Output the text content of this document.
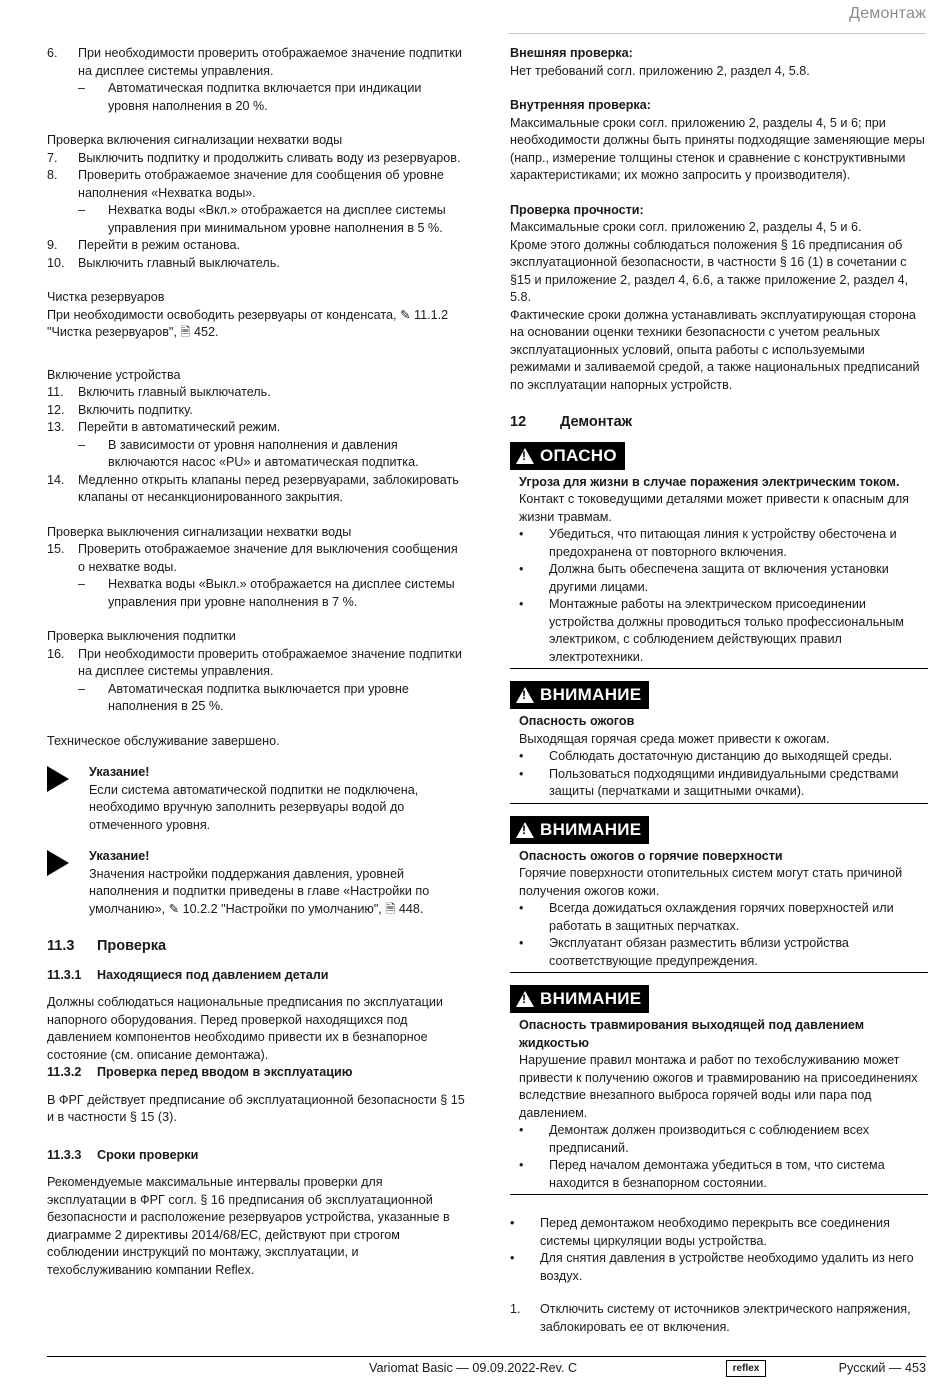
Демонтаж
6.	При необходимости проверить отображаемое значение подпитки на дисплее системы управления.
–	Автоматическая подпитка включается при индикации уровня наполнения в 20 %.

Проверка включения сигнализации нехватки воды

7.	Выключить подпитку и продолжить сливать воду из резервуаров.
8.	Проверить отображаемое значение для сообщения об уровне наполнения «Нехватка воды».
–	Нехватка воды «Вкл.» отображается на дисплее системы управления при минимальном уровне наполнения в 5 %.
9.	Перейти в режим останова.
10.	Выключить главный выключатель.

Чистка резервуаров

При необходимости освободить резервуары от конденсата, ✎ 11.1.2 "Чистка резервуаров", 🗎 452.

Включение устройства

11.	Включить главный выключатель.
12.	Включить подпитку.
13.	Перейти в автоматический режим.
–	В зависимости от уровня наполнения и давления включаются насос «PU» и автоматическая подпитка.
14.	Медленно открыть клапаны перед резервуарами, заблокировать клапаны от несанкционированного закрытия.

Проверка выключения сигнализации нехватки воды

15.	Проверить отображаемое значение для выключения сообщения о нехватке воды.
–	Нехватка воды «Выкл.» отображается на дисплее системы управления при уровне наполнения в 7 %.

Проверка выключения подпитки

16.	При необходимости проверить отображаемое значение подпитки на дисплее системы управления.
–	Автоматическая подпитка выключается при уровне наполнения в 25 %.

Техническое обслуживание завершено.

Указание!

Если система автоматической подпитки не подключена, необходимо вручную заполнить резервуары водой до отмеченного уровня.

Указание!

Значения настройки поддержания давления, уровней наполнения и подпитки приведены в главе «Настройки по умолчанию», ✎ 10.2.2 "Настройки по умолчанию", 🗎 448.

11.3	Проверка
11.3.1	Находящиеся под давлением детали

Должны соблюдаться национальные предписания по эксплуатации напорного оборудования. Перед проверкой находящихся под давлением компонентов необходимо привести их в безнапорное состояние (см. описание демонтажа).

11.3.2	Проверка перед вводом в эксплуатацию

В ФРГ действует предписание об эксплуатационной безопасности § 15 и в частности § 15 (3).

11.3.3	Сроки проверки

Рекомендуемые максимальные интервалы проверки для эксплуатации в ФРГ согл. § 16 предписания об эксплуатационной безопасности и расположение резервуаров устройства, указанные в диаграмме 2 директивы 2014/68/EC, действуют при строгом соблюдении инструкций по монтажу, эксплуатации, и техобслуживанию компании Reflex.

Внешняя проверка:

Нет требований согл. приложению 2, раздел 4, 5.8.

Внутренняя проверка:

Максимальные сроки согл. приложению 2, разделы 4, 5 и 6; при необходимости должны быть приняты подходящие заменяющие меры (напр., измерение толщины стенок и сравнение с конструктивными характеристиками; их можно запросить у производителя).

Проверка прочности:

Максимальные сроки согл. приложению 2, разделы 4, 5 и 6.

Кроме этого должны соблюдаться положения § 16 предписания об эксплуатационной безопасности, в частности § 16 (1) в сочетании с §15 и приложение 2, раздел 4, 6.6, а также приложение 2, раздел 4, 5.8.

Фактические сроки должна устанавливать эксплуатирующая сторона на основании оценки техники безопасности с учетом реальных эксплуатационных условий, опыта работы с используемыми режимами и заливаемой средой, а также национальных предписаний по эксплуатации напорных устройств.

12	Демонтаж
!
ОПАСНО

Угроза для жизни в случае поражения электрическим током.

Контакт с токоведущими деталями может привести к опасным для жизни травмам.

•	Убедиться, что питающая линия к устройству обесточена и предохранена от повторного включения.
•	Должна быть обеспечена защита от включения установки другими лицами.
•	Монтажные работы на электрическом присоединении устройства должны проводиться только профессиональным электриком, с соблюдением действующих правил электротехники.
!
ВНИМАНИЕ

Опасность ожогов

Выходящая горячая среда может привести к ожогам.

•	Соблюдать достаточную дистанцию до выходящей среды.
•	Пользоваться подходящими индивидуальными средствами защиты (перчатками и защитными очками).
!
ВНИМАНИЕ

Опасность ожогов о горячие поверхности

Горячие поверхности отопительных систем могут стать причиной получения ожогов кожи.

•	Всегда дожидаться охлаждения горячих поверхностей или работать в защитных перчатках.
•	Эксплуатант обязан разместить вблизи устройства соответствующие предупреждения.
!
ВНИМАНИЕ

Опасность травмирования выходящей под давлением жидкостью

Нарушение правил монтажа и работ по техобслуживанию может привести к получению ожогов и травмированию на присоединениях вследствие внезапного выброса горячей воды или пара под давлением.

•	Демонтаж должен производиться с соблюдением всех предписаний.
•	Перед началом демонтажа убедиться в том, что система находится в безнапорном состоянии.
•	Перед демонтажом необходимо перекрыть все соединения системы циркуляции воды устройства.
•	Для снятия давления в устройстве необходимо удалить из него воздух.
1.	Отключить систему от источников электрического напряжения, заблокировать ее от включения.
Variomat Basic — 09.09.2022-Rev. C	reflex	Русский — 453
